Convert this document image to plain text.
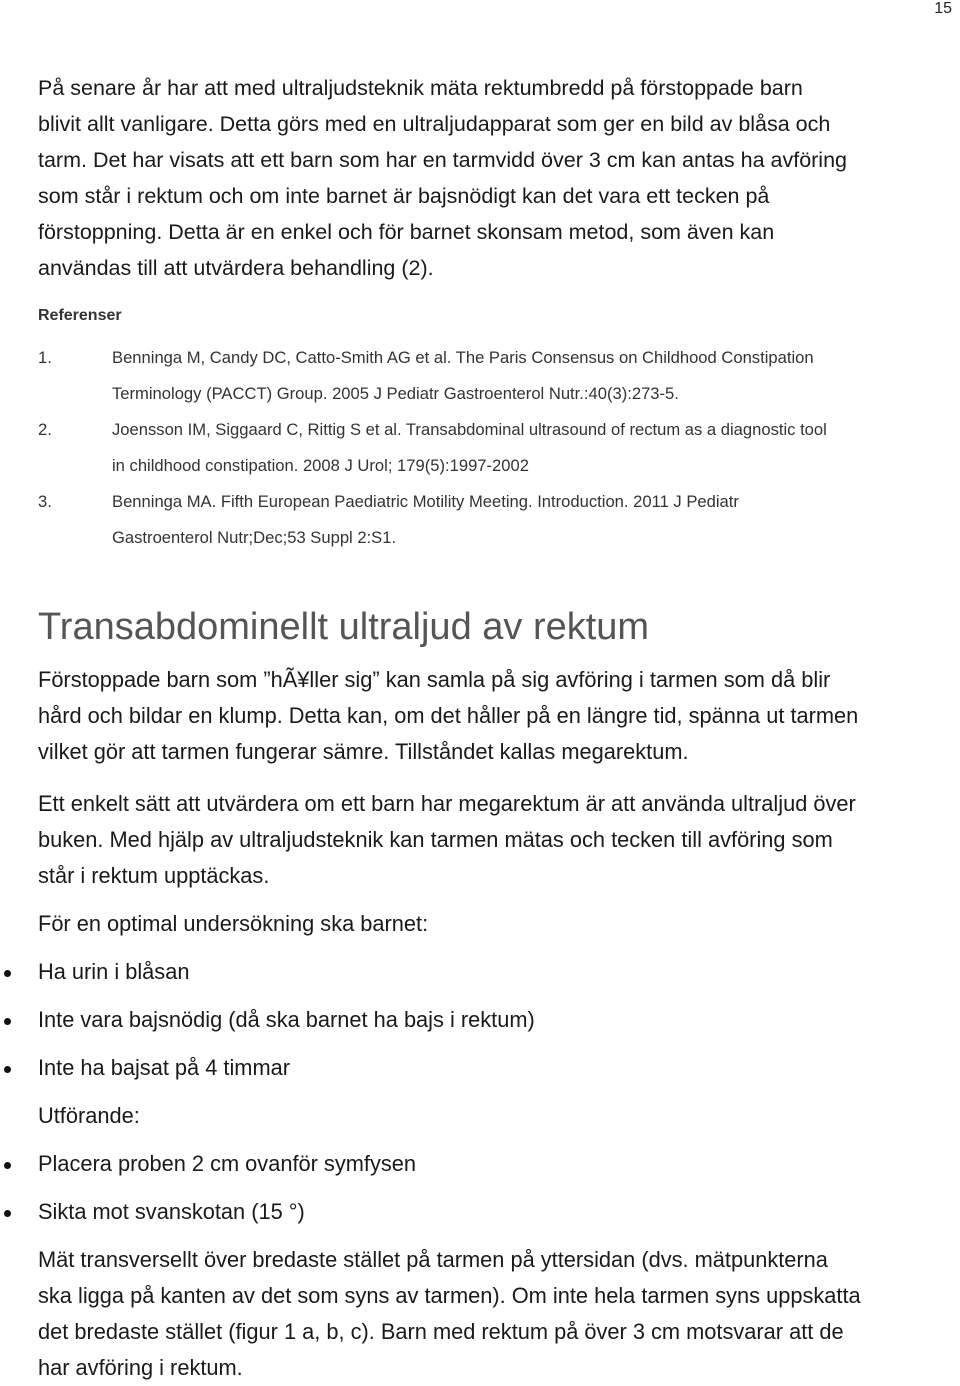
15

På senare år har att med ultraljudsteknik mäta rektumbredd på förstoppade barn
blivit allt vanligare. Detta görs med en ultraljudapparat som ger en bild av blåsa och
tarm. Det har visats att ett barn som har en tarmvidd över 3 cm kan antas ha avföring
som står i rektum och om inte barnet är bajsnödigt kan det vara ett tecken på
förstoppning. Detta är en enkel och för barnet skonsam metod, som även kan
användas till att utvärdera behandling (2).

Referenser
1.	Benninga M, Candy DC, Catto-Smith AG et al. The Paris Consensus on Childhood Constipation
Terminology (PACCT) Group. 2005 J Pediatr Gastroenterol Nutr.:40(3):273-5.
2.	Joensson IM, Siggaard C, Rittig S et al. Transabdominal ultrasound of rectum as a diagnostic tool
in childhood constipation. 2008 J Urol; 179(5):1997-2002
3.	Benninga MA. Fifth European Paediatric Motility Meeting. Introduction. 2011 J Pediatr
Gastroenterol Nutr;Dec;53 Suppl 2:S1.
Transabdominellt ultraljud av rektum

Förstoppade barn som ”hÃ¥ller sig” kan samla på sig avföring i tarmen som då blir
hård och bildar en klump. Detta kan, om det håller på en längre tid, spänna ut tarmen
vilket gör att tarmen fungerar sämre. Tillståndet kallas megarektum.

Ett enkelt sätt att utvärdera om ett barn har megarektum är att använda ultraljud över
buken. Med hjälp av ultraljudsteknik kan tarmen mätas och tecken till avföring som
står i rektum upptäckas.

För en optimal undersökning ska barnet:

Ha urin i blåsan
Inte vara bajsnödig (då ska barnet ha bajs i rektum)
Inte ha bajsat på 4 timmar

Utförande:

Placera proben 2 cm ovanför symfysen
Sikta mot svanskotan (15 °)

Mät transversellt över bredaste stället på tarmen på yttersidan (dvs. mätpunkterna
ska ligga på kanten av det som syns av tarmen). Om inte hela tarmen syns uppskatta
det bredaste stället (figur 1 a, b, c). Barn med rektum på över 3 cm motsvarar att de
har avföring i rektum.
